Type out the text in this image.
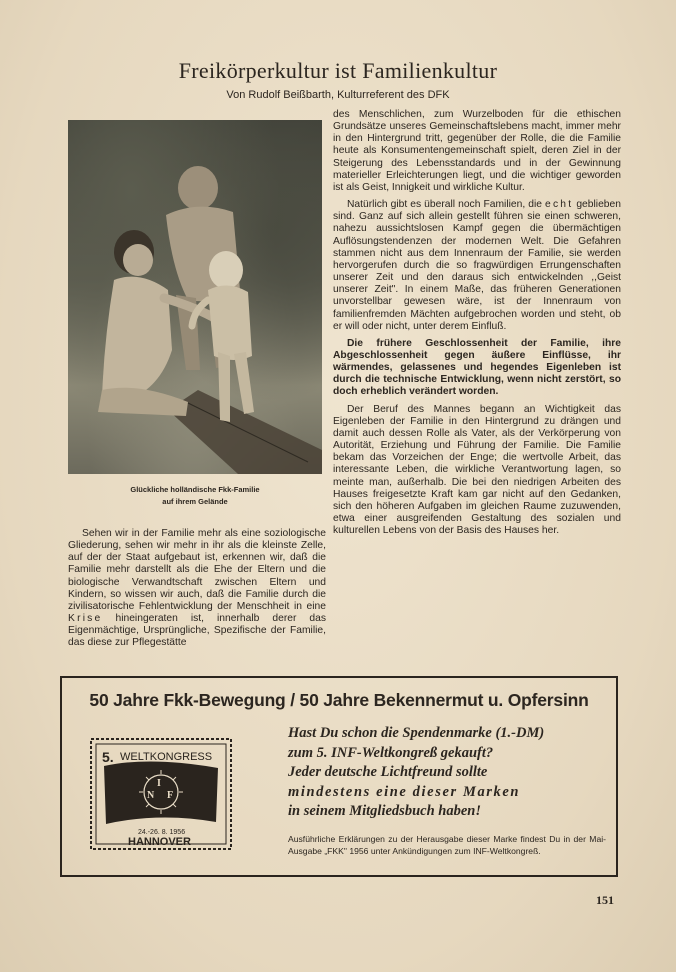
Freikörperkultur ist Familienkultur
Von Rudolf Beißbarth, Kulturreferent des DFK
Glückliche holländische Fkk-Familie
auf ihrem Gelände

Sehen wir in der Familie mehr als eine soziologische Gliederung, sehen wir mehr in ihr als die kleinste Zelle, auf der der Staat aufgebaut ist, erkennen wir, daß die Familie mehr darstellt als die Ehe der Eltern und die biologische Verwandtschaft zwischen Eltern und Kindern, so wissen wir auch, daß die Familie durch die zivilisatorische Fehlentwicklung der Menschheit in eine Krise hineingeraten ist, innerhalb derer das Eigenmächtige, Ursprüngliche, Spezifische der Familie, das diese zur Pflegestätte

des Menschlichen, zum Wurzelboden für die ethischen Grundsätze unseres Gemeinschaftslebens macht, immer mehr in den Hintergrund tritt, gegenüber der Rolle, die die Familie heute als Konsumentengemeinschaft spielt, deren Ziel in der Steigerung des Lebensstandards und in der Gewinnung materieller Erleichterungen liegt, und die wichtiger geworden ist als Geist, Innigkeit und wirkliche Kultur.

Natürlich gibt es überall noch Familien, die echt geblieben sind. Ganz auf sich allein gestellt führen sie einen schweren, nahezu aussichtslosen Kampf gegen die übermächtigen Auflösungstendenzen der modernen Welt. Die Gefahren stammen nicht aus dem Innenraum der Familie, sie werden hervorgerufen durch die so fragwürdigen Errungenschaften unserer Zeit und den daraus sich entwickelnden ,,Geist unserer Zeit". In einem Maße, das früheren Generationen unvorstellbar gewesen wäre, ist der Innenraum von familienfremden Mächten aufgebrochen worden und steht, ob er will oder nicht, unter derem Einfluß.

Die frühere Geschlossenheit der Familie, ihre Abgeschlossenheit gegen äußere Einflüsse, ihr wärmendes, gelassenes und hegendes Eigenleben ist durch die technische Entwicklung, wenn nicht zerstört, so doch erheblich verändert worden.

Der Beruf des Mannes begann an Wichtigkeit das Eigenleben der Familie in den Hintergrund zu drängen und damit auch dessen Rolle als Vater, als der Verkörperung von Autorität, Erziehung und Führung der Familie. Die Familie bekam das Vorzeichen der Enge; die wertvolle Arbeit, das interessante Leben, die wirkliche Verantwortung lagen, so meinte man, außerhalb. Die bei den niedrigen Arbeiten des Hauses freigesetzte Kraft kam gar nicht auf den Gedanken, sich den höheren Aufgaben im gleichen Raume zuzuwenden, etwa einer ausgreifenden Gestaltung des sozialen und kulturellen Lebens von der Basis des Hauses her.

50 Jahre Fkk-Bewegung / 50 Jahre Bekennermut u. Opfersinn
5. WELTKONGRESS
I
N F
24.-26. 8. 1956
HANNOVER
Hast Du schon die Spendenmarke (1.-DM)
zum 5. INF-Weltkongreß gekauft?
Jeder deutsche Lichtfreund sollte
mindestens eine dieser Marken
in seinem Mitgliedsbuch haben!
Ausführliche Erklärungen zu der Herausgabe dieser Marke findest Du in der Mai-Ausgabe „FKK" 1956 unter Ankündigungen zum INF-Weltkongreß.
151
